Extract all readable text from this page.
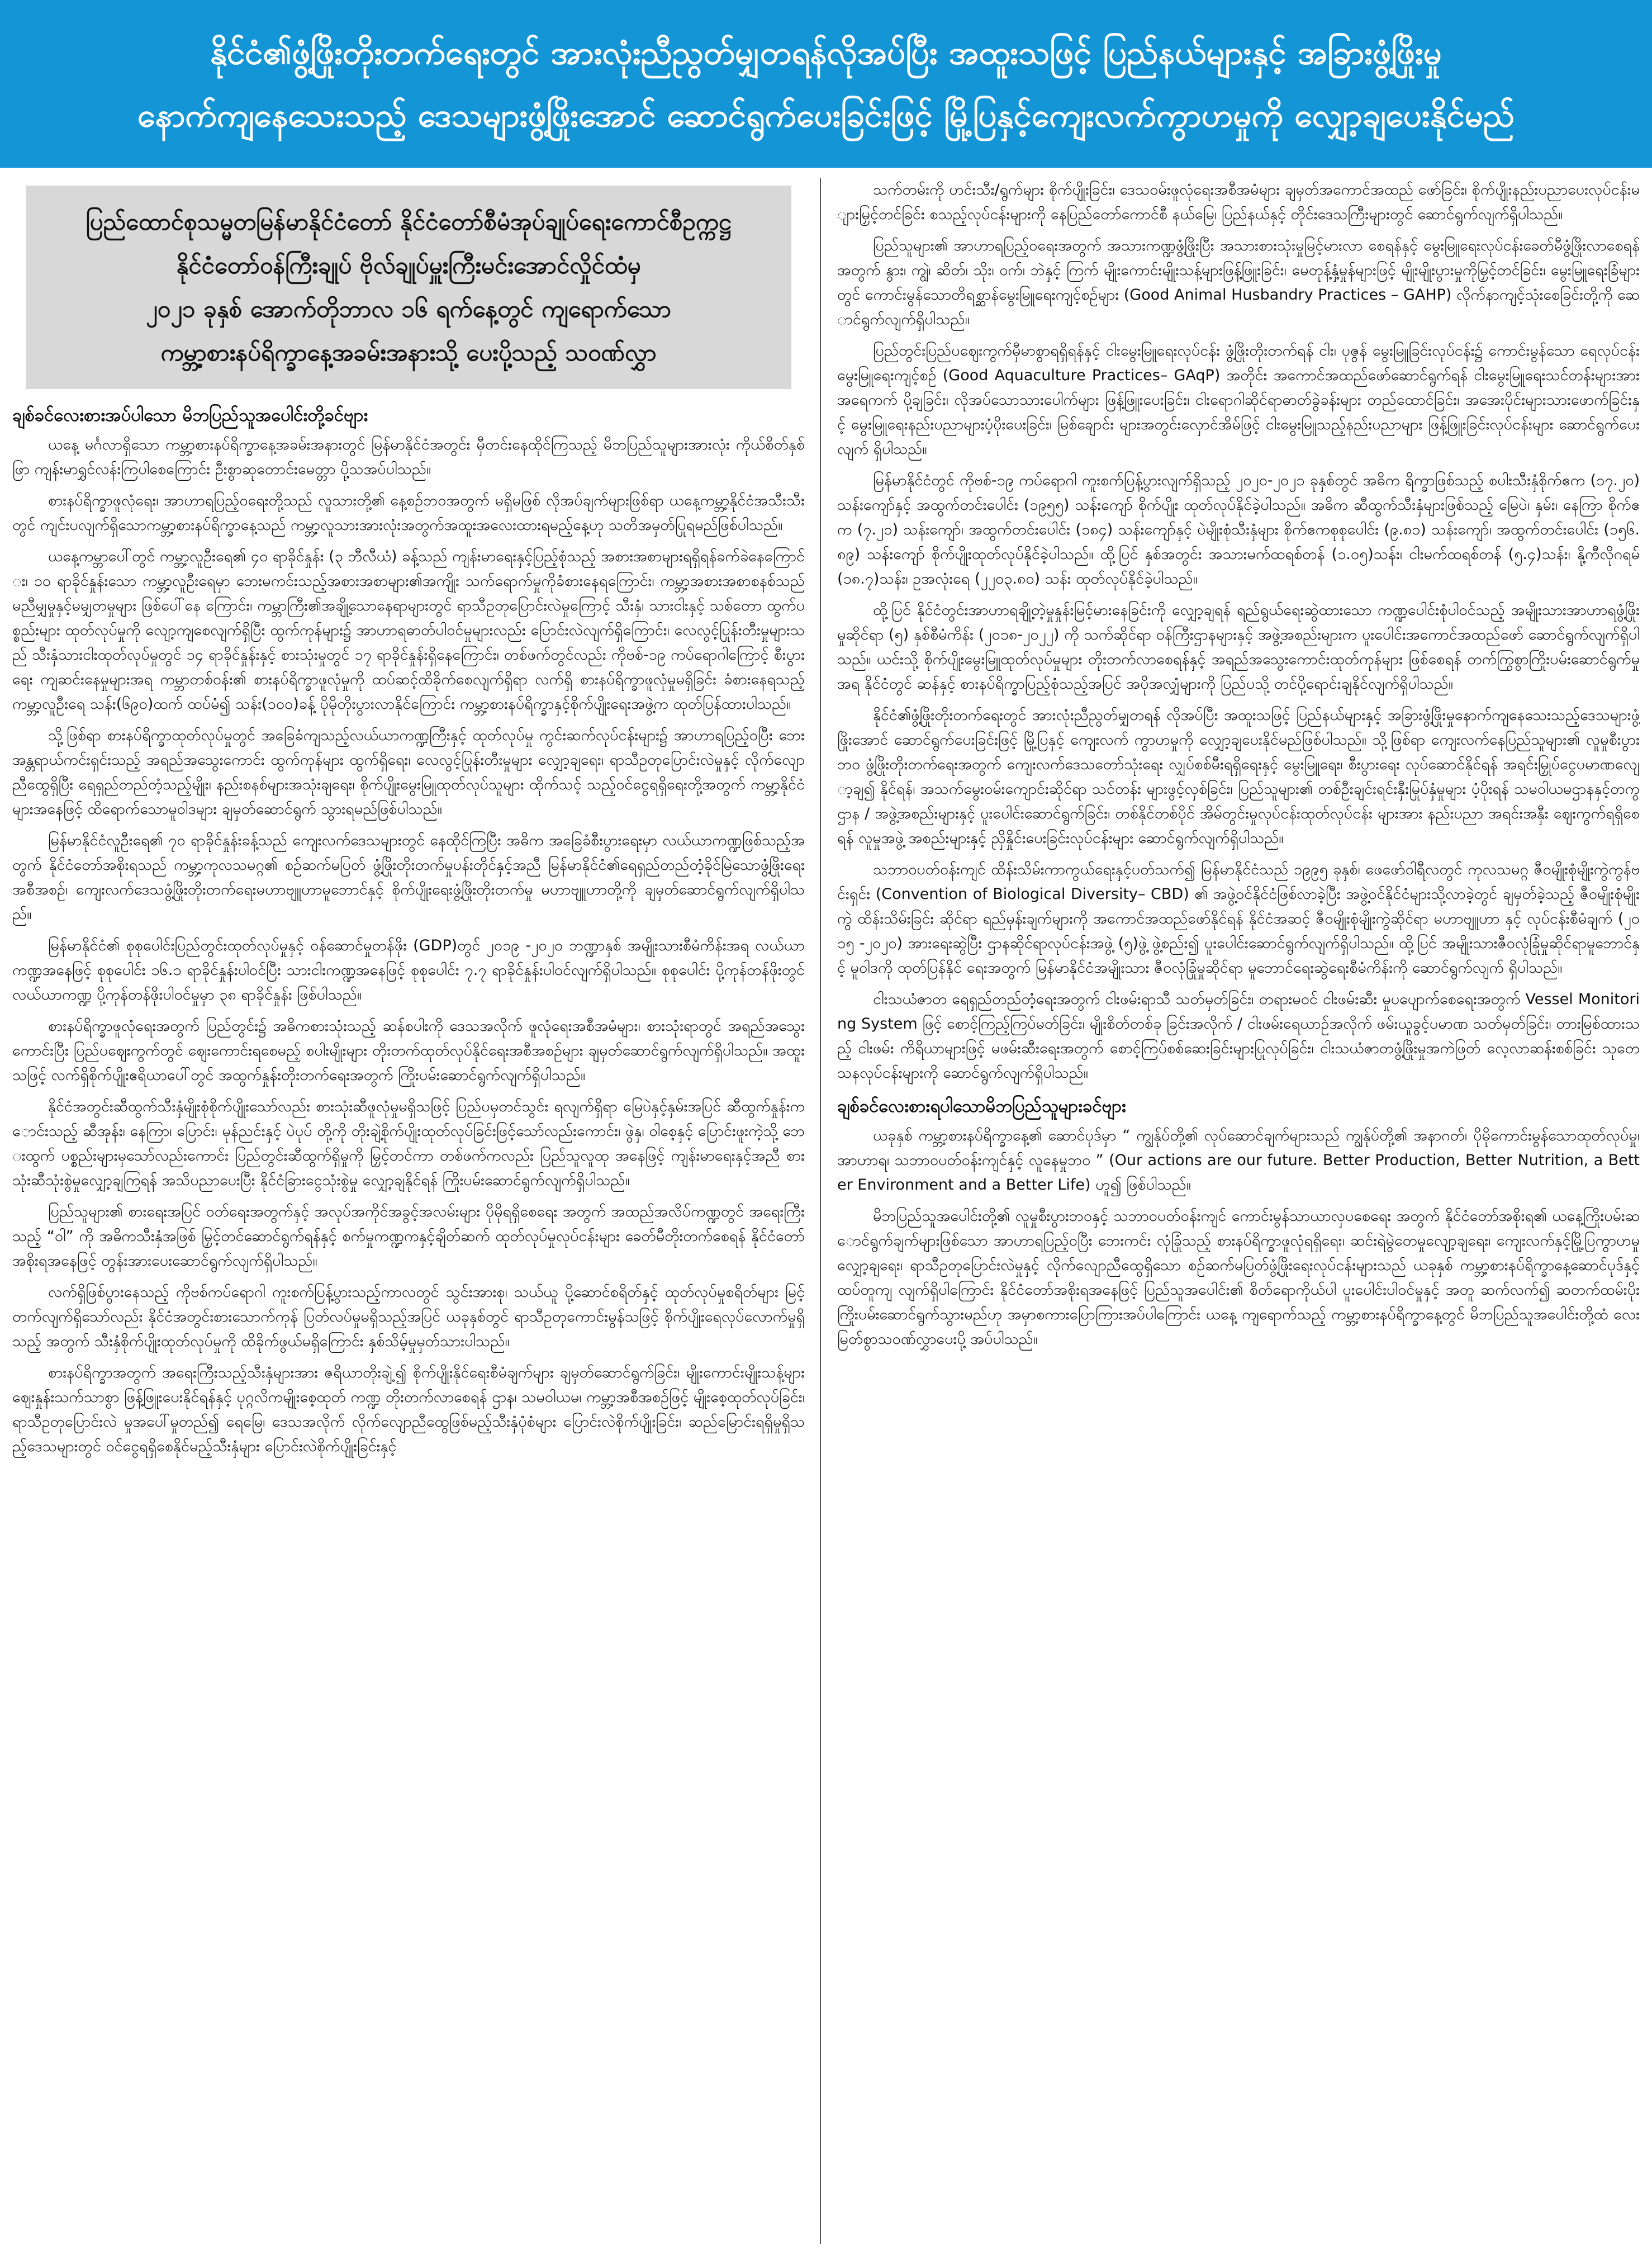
နိုင်ငံ၏ဖွံ့ဖြိုးတိုးတက်ရေးတွင် အားလုံးညီညွတ်မျှတရန်လိုအပ်ပြီး အထူးသဖြင့် ပြည်နယ်များနှင့် အခြားဖွံ့ဖြိုးမှု
နောက်ကျနေသေးသည့် ဒေသများဖွံ့ဖြိုးအောင် ဆောင်ရွက်ပေးခြင်းဖြင့် မြို့ပြနှင့်ကျေးလက်ကွာဟမှုကို လျှော့ချပေးနိုင်မည်
ပြည်ထောင်စုသမ္မတမြန်မာနိုင်ငံတော် နိုင်ငံတော်စီမံအုပ်ချုပ်ရေးကောင်စီဥက္ကဋ္ဌ
နိုင်ငံတော်ဝန်ကြီးချုပ် ဗိုလ်ချုပ်မှူးကြီးမင်းအောင်လှိုင်ထံမှ
၂၀၂၁ ခုနှစ် အောက်တိုဘာလ ၁၆ ရက်နေ့တွင် ကျရောက်သော
ကမ္ဘာ့စားနပ်ရိက္ခာနေ့အခမ်းအနားသို့ ပေးပို့သည့် သဝဏ်လွှာ
ချစ်ခင်လေးစားအပ်ပါသော မိဘပြည်သူအပေါင်းတို့ခင်ဗျား

ယနေ့ မင်္ဂလာရှိသော ကမ္ဘာ့စားနပ်ရိက္ခာနေ့အခမ်းအနားတွင် မြန်မာနိုင်ငံအတွင်း မှီတင်းနေထိုင်ကြသည့် မိဘပြည်သူများအားလုံး ကိုယ်စိတ်နှစ်ဖြာ ကျန်းမာရွှင်လန်းကြပါစေကြောင်း ဦးစွာဆုတောင်းမေတ္တာ ပို့သအပ်ပါသည်။

စားနပ်ရိက္ခာဖူလုံရေး၊ အာဟာရပြည့်ဝရေးတို့သည် လူသားတို့၏ နေ့စဉ်ဘဝအတွက် မရှိမဖြစ် လိုအပ်ချက်များဖြစ်ရာ ယနေ့ကမ္ဘာ့နိုင်ငံအသီးသီးတွင် ကျင်းပလျက်ရှိသောကမ္ဘာ့စားနပ်ရိက္ခာနေ့သည် ကမ္ဘာ့လူသားအားလုံးအတွက်အထူးအလေးထားရမည့်နေ့ဟု သတိအမှတ်ပြုရမည်ဖြစ်ပါသည်။

ယနေ့ကမ္ဘာပေါ်တွင် ကမ္ဘာ့လူဦးရေ၏ ၄၀ ရာခိုင်နှုန်း (၃ ဘီလီယံ) ခန့်သည် ကျန်းမာရေးနှင့်ပြည့်စုံသည့် အစားအစာများရရှိရန်ခက်ခဲနေကြောင်း၊ ၁၀ ရာခိုင်နှုန်းသော ကမ္ဘာ့လူဦးရေမှာ ဘေးမကင်းသည့်အစားအစာများ၏အကျိုး သက်ရောက်မှုကိုခံစားနေရကြောင်း၊ ကမ္ဘာ့အစားအစာစနစ်သည် မညီမျှမှုနှင့်မမျှတမှုများ ဖြစ်ပေါ်နေ ကြောင်း၊ ကမ္ဘာကြီး၏အချို့သောနေရာများတွင် ရာသီဥတုပြောင်းလဲမှုကြောင့် သီးနှံ၊ သားငါးနှင့် သစ်တော ထွက်ပစ္စည်းများ ထုတ်လုပ်မှုကို လျော့ကျစေလျက်ရှိပြီး ထွက်ကုန်များ၌ အာဟာရဓာတ်ပါဝင်မှုများလည်း ပြောင်းလဲလျက်ရှိကြောင်း၊ လေလွင့်ပြုန်းတီးမှုများသည် သီးနှံသားငါးထုတ်လုပ်မှုတွင် ၁၄ ရာခိုင်နှုန်းနှင့် စားသုံးမှုတွင် ၁၇ ရာခိုင်နှုန်းရှိနေကြောင်း၊ တစ်ဖက်တွင်လည်း ကိုဗစ်-၁၉ ကပ်ရောဂါကြောင့် စီးပွားရေး ကျဆင်းနေမှုများအရ ကမ္ဘာတစ်ဝန်း၏ စားနပ်ရိက္ခာဖူလုံမှုကို ထပ်ဆင့်ထိခိုက်စေလျက်ရှိရာ လက်ရှိ စားနပ်ရိက္ခာဖူလုံမှုမရှိခြင်း ခံစားနေရသည့် ကမ္ဘာ့လူဦးရေ သန်း(၆၉၀)ထက် ထပ်မံ၍ သန်း(၁၀၀)ခန့် ပိုမိုတိုးပွားလာနိုင်ကြောင်း ကမ္ဘာ့စားနပ်ရိက္ခာနှင့်စိုက်ပျိုးရေးအဖွဲ့က ထုတ်ပြန်ထားပါသည်။

သို့ဖြစ်ရာ စားနပ်ရိက္ခာထုတ်လုပ်မှုတွင် အခြေခံကျသည့်လယ်ယာကဏ္ဍကြီးနှင့် ထုတ်လုပ်မှု ကွင်းဆက်လုပ်ငန်းများ၌ အာဟာရပြည့်ဝပြီး ဘေးအန္တရာယ်ကင်းရှင်းသည့် အရည်အသွေးကောင်း ထွက်ကုန်များ ထွက်ရှိရေး၊ လေလွင့်ပြုန်းတီးမှုများ လျှော့ချရေး၊ ရာသီဥတုပြောင်းလဲမှုနှင့် လိုက်လျော ညီထွေရှိပြီး ရေရှည်တည်တံ့သည့်မျိုး၊ နည်းစနစ်များအသုံးချရေး၊ စိုက်ပျိုးမွေးမြူထုတ်လုပ်သူများ ထိုက်သင့် သည့်ဝင်ငွေရရှိရေးတို့အတွက် ကမ္ဘာ့နိုင်ငံများအနေဖြင့် ထိရောက်သောမူဝါဒများ ချမှတ်ဆောင်ရွက် သွားရမည်ဖြစ်ပါသည်။

မြန်မာနိုင်ငံလူဦးရေ၏ ၇၀ ရာခိုင်နှုန်းခန့်သည် ကျေးလက်ဒေသများတွင် နေထိုင်ကြပြီး အဓိက အခြေခံစီးပွားရေးမှာ လယ်ယာကဏ္ဍဖြစ်သည့်အတွက် နိုင်ငံတော်အစိုးရသည် ကမ္ဘာ့ကုလသမဂ္ဂ၏ စဉ်ဆက်မပြတ် ဖွံ့ဖြိုးတိုးတက်မှုပန်းတိုင်နှင့်အညီ မြန်မာနိုင်ငံ၏ရေရှည်တည်တံ့ခိုင်မြဲသောဖွံ့ဖြိုးရေး အစီအစဉ်၊ ကျေးလက်ဒေသဖွံ့ဖြိုးတိုးတက်ရေးမဟာဗျူဟာမူဘောင်နှင့် စိုက်ပျိုးရေးဖွံ့ဖြိုးတိုးတက်မှု မဟာဗျူဟာတို့ကို ချမှတ်ဆောင်ရွက်လျက်ရှိပါသည်။

မြန်မာနိုင်ငံ၏ စုစုပေါင်းပြည်တွင်းထုတ်လုပ်မှုနှင့် ဝန်ဆောင်မှုတန်ဖိုး (GDP)တွင် ၂၀၁၉ -၂၀၂၀ ဘဏ္ဍာနှစ် အမျိုးသားစီမံကိန်းအရ လယ်ယာကဏ္ဍအနေဖြင့် စုစုပေါင်း ၁၆.၁ ရာခိုင်နှုန်းပါဝင်ပြီး သားငါးကဏ္ဍအနေဖြင့် စုစုပေါင်း ၇.၇ ရာခိုင်နှုန်းပါဝင်လျက်ရှိပါသည်။ စုစုပေါင်း ပို့ကုန်တန်ဖိုးတွင် လယ်ယာကဏ္ဍ ပို့ကုန်တန်ဖိုးပါဝင်မှုမှာ ၃၈ ရာခိုင်နှုန်း ဖြစ်ပါသည်။

စားနပ်ရိက္ခာဖူလုံရေးအတွက် ပြည်တွင်း၌ အဓိကစားသုံးသည့် ဆန်စပါးကို ဒေသအလိုက် ဖူလုံရေးအစီအမံများ၊ စားသုံးရာတွင် အရည်အသွေးကောင်းပြီး ပြည်ပဈေးကွက်တွင် ဈေးကောင်းရစေမည့် စပါးမျိုးများ တိုးတက်ထုတ်လုပ်နိုင်ရေးအစီအစဉ်များ ချမှတ်ဆောင်ရွက်လျက်ရှိပါသည်။ အထူးသဖြင့် လက်ရှိစိုက်ပျိုးဧရိယာပေါ်တွင် အထွက်နှုန်းတိုးတက်ရေးအတွက် ကြိုးပမ်းဆောင်ရွက်လျက်ရှိပါသည်။

နိုင်ငံအတွင်းဆီထွက်သီးနှံမျိုးစုံစိုက်ပျိုးသော်လည်း စားသုံးဆီဖူလုံမှုမရှိသဖြင့် ပြည်ပမှတင်သွင်း ရလျက်ရှိရာ မြေပဲနှင့်နှမ်းအပြင် ဆီထွက်နှုန်းကောင်းသည့် ဆီအုန်း၊ နေကြာ၊ ပြောင်း၊ မုန်ညင်းနှင့် ပဲပုပ် တို့ကို တိုးချဲ့စိုက်ပျိုးထုတ်လုပ်ခြင်းဖြင့်သော်လည်းကောင်း၊ ဖွဲနှ၊ ဝါစေ့နှင့် ပြောင်းဖူးကဲ့သို့ ဘေးထွက် ပစ္စည်းများမှသော်လည်းကောင်း ပြည်တွင်းဆီထွက်ရှိမှုကို မြှင့်တင်ကာ တစ်ဖက်ကလည်း ပြည်သူလူထု အနေဖြင့် ကျန်းမာရေးနှင့်အညီ စားသုံးဆီသုံးစွဲမှုလျှော့ချကြရန် အသိပညာပေးပြီး နိုင်ငံခြားငွေသုံးစွဲမှု လျှော့ချနိုင်ရန် ကြိုးပမ်းဆောင်ရွက်လျက်ရှိပါသည်။

ပြည်သူများ၏ စားရေးအပြင် ဝတ်ရေးအတွက်နှင့် အလုပ်အကိုင်အခွင့်အလမ်းများ ပိုမိုရရှိစေရေး အတွက် အထည်အလိပ်ကဏ္ဍတွင် အရေးကြီးသည့် “ဝါ” ကို အဓိကသီးနှံအဖြစ် မြှင့်တင်ဆောင်ရွက်ရန်နှင့် စက်မှုကဏ္ဍကနှင့်ချိတ်ဆက် ထုတ်လုပ်မှုလုပ်ငန်းများ ခေတ်မီတိုးတက်စေရန် နိုင်ငံတော်အစိုးရအနေဖြင့် တွန်းအားပေးဆောင်ရွက်လျက်ရှိပါသည်။

လက်ရှိဖြစ်ပွားနေသည့် ကိုဗစ်ကပ်ရောဂါ ကူးစက်ပြန့်ပွားသည့်ကာလတွင် သွင်းအားစု၊ သယ်ယူ ပို့ဆောင်စရိတ်နှင့် ထုတ်လုပ်မှုစရိတ်များ မြင့်တက်လျက်ရှိသော်လည်း နိုင်ငံအတွင်းစားသောက်ကုန် ပြတ်လပ်မှုမရှိသည့်အပြင် ယခုနှစ်တွင် ရာသီဥတုကောင်းမွန်သဖြင့် စိုက်ပျိုးရေလုပ်လောက်မှုရှိသည့် အတွက် သီးနှံစိုက်ပျိုးထုတ်လုပ်မှုကို ထိခိုက်ဖွယ်မရှိကြောင်း နှစ်သိမ့်မှုမှတ်သားပါသည်။

စားနပ်ရိက္ခာအတွက် အရေးကြီးသည့်သီးနှံများအား ဇရိယာတိုးချဲ့၍ စိုက်ပျိုးနိုင်ရေးစီမံချက်များ ချမှတ်ဆောင်ရွက်ခြင်း၊ မျိုးကောင်းမျိုးသန့်များ ဈေးနှုန်းသက်သာစွာ ဖြန့်ဖြူးပေးနိုင်ရန်နှင့် ပုဂ္ဂလိကမျိုးစေ့ထုတ် ကဏ္ဍ တိုးတက်လာစေရန် ဌာန၊ သမဝါယမ၊ ကမ္ဘာ့အစီအစဉ်ဖြင့် မျိုးစေ့ထုတ်လုပ်ခြင်း၊ ရာသီဥတုပြောင်းလဲ မှုအပေါ်မှုတည်၍ ရေမြေ၊ ဒေသအလိုက် လိုက်လျောညီထွေဖြစ်မည့်သီးနှံပုံစံများ ပြောင်းလဲစိုက်ပျိုးခြင်း၊ ဆည်မြောင်းရရှိမှုရှိသည့်ဒေသများတွင် ဝင်ငွေရရှိစေနိုင်မည့်သီးနှံများ ပြောင်းလဲစိုက်ပျိုးခြင်းနှင့်

သက်တမ်းကို ဟင်းသီး/ရွက်များ စိုက်ပျိုးခြင်း၊ ဒေသဝမ်းဖူလုံရေးအစီအမံများ ချမှတ်အကောင်အထည် ဖော်ခြင်း၊ စိုက်ပျိုးနည်းပညာပေးလုပ်ငန်းများမြှင့်တင်ခြင်း စသည့်လုပ်ငန်းများကို နေပြည်တော်ကောင်စီ နယ်မြေ၊ ပြည်နယ်နှင့် တိုင်းဒေသကြီးများတွင် ဆောင်ရွက်လျက်ရှိပါသည်။

ပြည်သူများ၏ အာဟာရပြည့်ဝရေးအတွက် အသားကဏ္ဍဖွံ့ဖြိုးပြီး အသားစားသုံးမှုမြင့်မားလာ စေရန်နှင့် မွေးမြူရေးလုပ်ငန်းခေတ်မီဖွံ့ဖြိုးလာစေရန်အတွက် နွား၊ ကျွဲ၊ ဆိတ်၊ သိုး၊ ဝက်၊ ဘဲနှင့် ကြက် မျိုးကောင်းမျိုးသန့်များဖြန့်ဖြူးခြင်း၊ မေတုန့်နှံ့မှုန်များဖြင့် မျိုးမျိုးပွားမှုကိုမြှင့်တင်ခြင်း၊ မွေးမြူရေးခြံများ တွင် ကောင်းမွန်သောတိရစ္ဆာန်မွေးမြူရေးကျင့်စဉ်များ (Good Animal Husbandry Practices – GAHP) လိုက်နာကျင့်သုံးစေခြင်းတို့ကို ဆောင်ရွက်လျက်ရှိပါသည်။

ပြည်တွင်းပြည်ပဈေးကွက်မှီမာစွာရရှိရန်နှင့် ငါးမွေးမြူရေးလုပ်ငန်း ဖွံ့ဖြိုးတိုးတက်ရန် ငါး၊ ပုဇွန် မွေးမြူခြင်းလုပ်ငန်း၌ ကောင်းမွန်သော ရေလုပ်ငန်းမွေးမြူရေးကျင့်စဉ် (Good Aquaculture Practices– GAqP) အတိုင်း အကောင်အထည်ဖော်ဆောင်ရွက်ရန် ငါးမွေးမြူရေးသင်တန်းများအား အရေကက် ပို့ချခြင်း၊ လိုအပ်သောသားပေါက်များ ဖြန့်ဖြူးပေးခြင်း၊ ငါးရောဂါဆိုင်ရာဓာတ်ခွဲခန်းများ တည်ထောင်ခြင်း၊ အအေးပိုင်းများသားဖောက်ခြင်းနှင့် မွေးမြူရေးနည်းပညာများပံ့ပိုးပေးခြင်း၊ မြစ်ချောင်း များအတွင်းလှောင်အိမ်ဖြင့် ငါးမွေးမြူသည့်နည်းပညာများ ဖြန့်ဖြူးခြင်းလုပ်ငန်းများ ဆောင်ရွက်ပေးလျက် ရှိပါသည်။

မြန်မာနိုင်ငံတွင် ကိုဗစ်-၁၉ ကပ်ရောဂါ ကူးစက်ပြန့်ပွားလျက်ရှိသည့် ၂၀၂၀-၂၀၂၁ ခုနှစ်တွင် အဓိက ရိက္ခာဖြစ်သည့် စပါးသီးနှံစိုက်ဧက (၁၇.၂၀) သန်းကျော်နှင့် အထွက်တင်းပေါင်း (၁၉၅၅) သန်းကျော် စိုက်ပျိုး ထုတ်လုပ်နိုင်ခဲ့ပါသည်။ အဓိက ဆီထွက်သီးနှံများဖြစ်သည့် မြေပဲ၊ နှမ်း၊ နေကြာ စိုက်ဧက (၇.၂၁) သန်းကျော်၊ အထွက်တင်းပေါင်း (၁၈၄) သန်းကျော်နှင့် ပဲမျိုးစုံသီးနှံများ စိုက်ဧကစုစုပေါင်း (၉.၈၁) သန်းကျော်၊ အထွက်တင်းပေါင်း (၁၅၆.၈၉) သန်းကျော် စိုက်ပျိုးထုတ်လုပ်နိုင်ခဲ့ပါသည်။ ထို့ပြင် နှစ်အတွင်း အသားမက်ထရစ်တန် (၁.၀၅)သန်း၊ ငါးမက်ထရစ်တန် (၅.၄)သန်း၊ နို့ကီလိုဂရမ် (၁၈.၇)သန်း၊ ဥအလုံးရေ (၂၂၀၃.၈၀) သန်း ထုတ်လုပ်နိုင်ခဲ့ပါသည်။

ထို့ပြင် နိုင်ငံတွင်းအာဟာရချို့တဲ့မှုနှုန်းမြင့်မားနေခြင်းကို လျှော့ချရန် ရည်ရွယ်ရေးဆွဲထားသော ကဏ္ဍပေါင်းစုံပါဝင်သည့် အမျိုးသားအာဟာရဖွံ့ဖြိုးမှုဆိုင်ရာ (၅) နှစ်စီမံကိန်း (၂၀၁၈-၂၀၂၂) ကို သက်ဆိုင်ရာ ဝန်ကြီးဌာနများနှင့် အဖွဲ့အစည်းများက ပူးပေါင်းအကောင်အထည်ဖော် ဆောင်ရွက်လျက်ရှိပါသည်။ ယင်းသို့ စိုက်ပျိုးမွေးမြူထုတ်လုပ်မှုများ တိုးတက်လာစေရန်နှင့် အရည်အသွေးကောင်းထုတ်ကုန်များ ဖြစ်စေရန် တက်ကြွစွာကြိုးပမ်းဆောင်ရွက်မှုအရ နိုင်ငံတွင် ဆန်နှင့် စားနပ်ရိက္ခာပြည့်စုံသည့်အပြင် အပိုအလျှံများကို ပြည်ပသို့ တင်ပို့ရောင်းချနိုင်လျက်ရှိပါသည်။

နိုင်ငံ၏ဖွံ့ဖြိုးတိုးတက်ရေးတွင် အားလုံးညီညွတ်မျှတရန် လိုအပ်ပြီး အထူးသဖြင့် ပြည်နယ်များနှင့် အခြားဖွံ့ဖြိုးမှုနောက်ကျနေသေးသည့်ဒေသများဖွံ့ဖြိုးအောင် ဆောင်ရွက်ပေးခြင်းဖြင့် မြို့ပြနှင့် ကျေးလက် ကွာဟမှုကို လျှော့ချပေးနိုင်မည်ဖြစ်ပါသည်။ သို့ဖြစ်ရာ ကျေးလက်နေပြည်သူများ၏ လူမှုစီးပွားဘဝ ဖွံ့ဖြိုးတိုးတက်ရေးအတွက် ကျေးလက်ဒေသတော်သုံးရေး လျှပ်စစ်မီးရရှိရေးနှင့် မွေးမြူရေး၊ စီးပွားရေး လုပ်ဆောင်နိုင်ရန် အရင်းမြှုပ်ငွေပမာဏလျော့ချ၍ နိုင်ရန်၊ အသက်မွေးဝမ်းကျောင်းဆိုင်ရာ သင်တန်း များဖွင့်လှစ်ခြင်း၊ ပြည်သူများ၏ တစ်ဦးချင်းရင်းနှီးမြုပ်နှံမှုများ ပံ့ပိုးရန် သမဝါယမဌာနနှင့်တကွ ဌာန / အဖွဲ့အစည်းများနှင့် ပူးပေါင်းဆောင်ရွက်ခြင်း၊ တစ်နိုင်တစ်ပိုင် အိမ်တွင်းမှုလုပ်ငန်းထုတ်လုပ်ငန်း များအား နည်းပညာ အရင်းအနှီး ဈေးကွက်ရရှိစေရန် လူမှုအဖွဲ့ အစည်းများနှင့် ညှိနှိုင်းပေးခြင်းလုပ်ငန်းများ ဆောင်ရွက်လျက်ရှိပါသည်။

သဘာဝပတ်ဝန်းကျင် ထိန်းသိမ်းကာကွယ်ရေးနှင့်ပတ်သက်၍ မြန်မာနိုင်ငံသည် ၁၉၉၅ ခုနှစ်၊ ဖေဖော်ဝါရီလတွင် ကုလသမဂ္ဂ ဇီဝမျိုးစုံမျိုးကွဲကွန်ဗင်းရှင်း (Convention of Biological Diversity– CBD) ၏ အဖွဲ့ဝင်နိုင်ငံဖြစ်လာခဲ့ပြီး အဖွဲ့ဝင်နိုင်ငံများသို့လာခဲ့တွင် ချမှတ်ခဲ့သည့် ဇီဝမျိုးစုံမျိုးကွဲ ထိန်းသိမ်းခြင်း ဆိုင်ရာ ရည်မှန်းချက်များကို အကောင်အထည်ဖော်နိုင်ရန် နိုင်ငံအဆင့် ဇီဝမျိုးစုံမျိုးကွဲဆိုင်ရာ မဟာဗျူဟာ နှင့် လုပ်ငန်းစီမံချက် (၂၀၁၅ -၂၀၂၀) အားရေးဆွဲပြီး ဌာနဆိုင်ရာလုပ်ငန်းအဖွဲ့ (၅)ဖွဲ့ ဖွဲ့စည်း၍ ပူးပေါင်းဆောင်ရွက်လျက်ရှိပါသည်။ ထို့ပြင် အမျိုးသားဇီဝလုံခြုံမှုဆိုင်ရာမူဘောင်နှင့် မူဝါဒကို ထုတ်ပြန်နိုင် ရေးအတွက် မြန်မာနိုင်ငံအမျိုးသား ဇီဝလုံခြုံမှုဆိုင်ရာ မူဘောင်ရေးဆွဲရေးစီမံကိန်းကို ဆောင်ရွက်လျက် ရှိပါသည်။

ငါးသယံဇာတ ရေရှည်တည်တံ့ရေးအတွက် ငါးဖမ်းရာသီ သတ်မှတ်ခြင်း၊ တရားမဝင် ငါးဖမ်းဆီး မှုပပျောက်စေရေးအတွက် Vessel Monitoring System ဖြင့် စောင့်ကြည့်ကြပ်မတ်ခြင်း၊ မျိုးစိတ်တစ်ခု ခြင်းအလိုက် / ငါးဖမ်းရေယာဉ်အလိုက် ဖမ်းယူခွင့်ပမာဏ သတ်မှတ်ခြင်း၊ တားမြစ်ထားသည့် ငါးဖမ်း ကိရိယာများဖြင့် မဖမ်းဆီးရေးအတွက် စောင့်ကြပ်စစ်ဆေးခြင်းများပြုလုပ်ခြင်း၊ ငါးသယံဇာတဖွံ့ဖြိုးမှုအကဲဖြတ် လေ့လာဆန်းစစ်ခြင်း သုတေသနလုပ်ငန်းများကို ဆောင်ရွက်လျက်ရှိပါသည်။

ချစ်ခင်လေးစားရပါသောမိဘပြည်သူများခင်ဗျား

ယခုနှစ် ကမ္ဘာ့စားနပ်ရိက္ခာနေ့၏ ဆောင်ပုဒ်မှာ “ ကျွန်ုပ်တို့၏ လုပ်ဆောင်ချက်များသည် ကျွန်ုပ်တို့၏ အနာဂတ်၊ ပိုမိုကောင်းမွန်သောထုတ်လုပ်မှု၊ အာဟာရ၊ သဘာဝပတ်ဝန်းကျင်နှင့် လူနေမှုဘဝ ” (Our actions are our future. Better Production, Better Nutrition, a Better Environment and a Better Life) ဟူ၍ ဖြစ်ပါသည်။

မိဘပြည်သူအပေါင်းတို့၏ လူမှုစီးပွားဘဝနှင့် သဘာဝပတ်ဝန်းကျင် ကောင်းမွန်သာယာလှပစေရေး အတွက် နိုင်ငံတော်အစိုးရ၏ ယနေ့ကြိုးပမ်းဆောင်ရွက်ချက်များဖြစ်သော အာဟာရပြည့်ဝပြီး ဘေးကင်း လုံခြုံသည့် စားနပ်ရိက္ခာဖူလုံရရှိရေး၊ ဆင်းရဲမွဲတေမှုလျော့ချရေး၊ ကျေးလက်နှင့်မြို့ပြကွာဟမှုလျှော့ချရေး၊ ရာသီဥတုပြောင်းလဲမှုနှင့် လိုက်လျောညီထွေရှိသော စဉ်ဆက်မပြတ်ဖွံ့ဖြိုးရေးလုပ်ငန်းများသည် ယခုနှစ် ကမ္ဘာ့စားနပ်ရိက္ခာနေ့ဆောင်ပုဒ်နှင့်ထပ်တူကျ လျက်ရှိပါကြောင်း နိုင်ငံတော်အစိုးရအနေဖြင့် ပြည်သူအပေါင်း၏ စိတ်ရောကိုယ်ပါ ပူးပေါင်းပါဝင်မှုနှင့် အတူ ဆက်လက်၍ ဆတက်ထမ်းပိုးကြိုးပမ်းဆောင်ရွက်သွားမည်ဟု အမှာစကားပြောကြားအပ်ပါကြောင်း ယနေ့ ကျရောက်သည့် ကမ္ဘာ့စားနပ်ရိက္ခာနေ့တွင် မိဘပြည်သူအပေါင်းတို့ထံ လေးမြတ်စွာသဝဏ်လွှာပေးပို့ အပ်ပါသည်။
